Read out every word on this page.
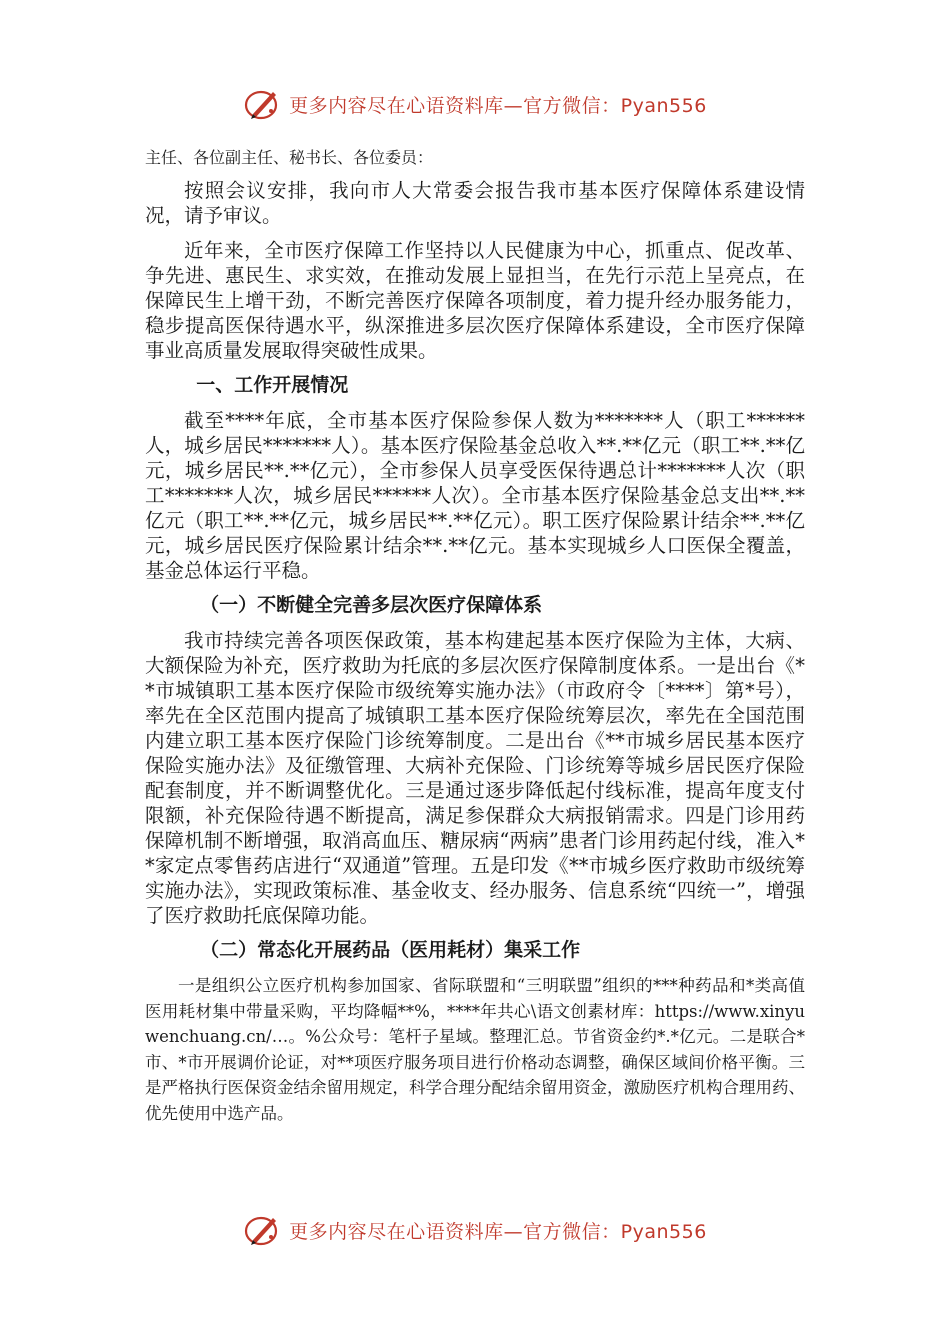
更多内容尽在心语资料库—官方微信：Pyan556

主任、各位副主任、秘书长、各位委员：

按照会议安排，我向市人大常委会报告我市基本医疗保障体系建设情况，请予审议。

近年来，全市医疗保障工作坚持以人民健康为中心，抓重点、促改革、争先进、惠民生、求实效，在推动发展上显担当，在先行示范上呈亮点，在保障民生上增干劲，不断完善医疗保障各项制度，着力提升经办服务能力，稳步提高医保待遇水平，纵深推进多层次医疗保障体系建设，全市医疗保障事业高质量发展取得突破性成果。

一、工作开展情况

截至****年底，全市基本医疗保险参保人数为*******人（职工******人，城乡居民*******人）。基本医疗保险基金总收入**.**亿元（职工**.**亿元，城乡居民**.**亿元），全市参保人员享受医保待遇总计*******人次（职工*******人次，城乡居民******人次）。全市基本医疗保险基金总支出**.**亿元（职工**.**亿元，城乡居民**.**亿元）。职工医疗保险累计结余**.**亿元，城乡居民医疗保险累计结余**.**亿元。基本实现城乡人口医保全覆盖，基金总体运行平稳。

（一）不断健全完善多层次医疗保障体系

我市持续完善各项医保政策，基本构建起基本医疗保险为主体，大病、大额保险为补充，医疗救助为托底的多层次医疗保障制度体系。一是出台《**市城镇职工基本医疗保险市级统筹实施办法》（市政府令〔****〕第*号），率先在全区范围内提高了城镇职工基本医疗保险统筹层次，率先在全国范围内建立职工基本医疗保险门诊统筹制度。二是出台《**市城乡居民基本医疗保险实施办法》及征缴管理、大病补充保险、门诊统筹等城乡居民医疗保险配套制度，并不断调整优化。三是通过逐步降低起付线标准，提高年度支付限额，补充保险待遇不断提高，满足参保群众大病报销需求。四是门诊用药保障机制不断增强，取消高血压、糖尿病“两病”患者门诊用药起付线，准入**家定点零售药店进行“双通道”管理。五是印发《**市城乡医疗救助市级统筹实施办法》，实现政策标准、基金收支、经办服务、信息系统“四统一”，增强了医疗救助托底保障功能。

（二）常态化开展药品（医用耗材）集采工作

一是组织公立医疗机构参加国家、省际联盟和“三明联盟”组织的***种药品和*类高值医用耗材集中带量采购，平均降幅**%，****年共心\语文创素材库：https://www.xinyuwenchuang.cn/…。%公众号：笔杆子星域。整理汇总。节省资金约*.*亿元。二是联合*市、*市开展调价论证，对**项医疗服务项目进行价格动态调整，确保区域间价格平衡。三是严格执行医保资金结余留用规定，科学合理分配结余留用资金，激励医疗机构合理用药、优先使用中选产品。

更多内容尽在心语资料库—官方微信：Pyan556
